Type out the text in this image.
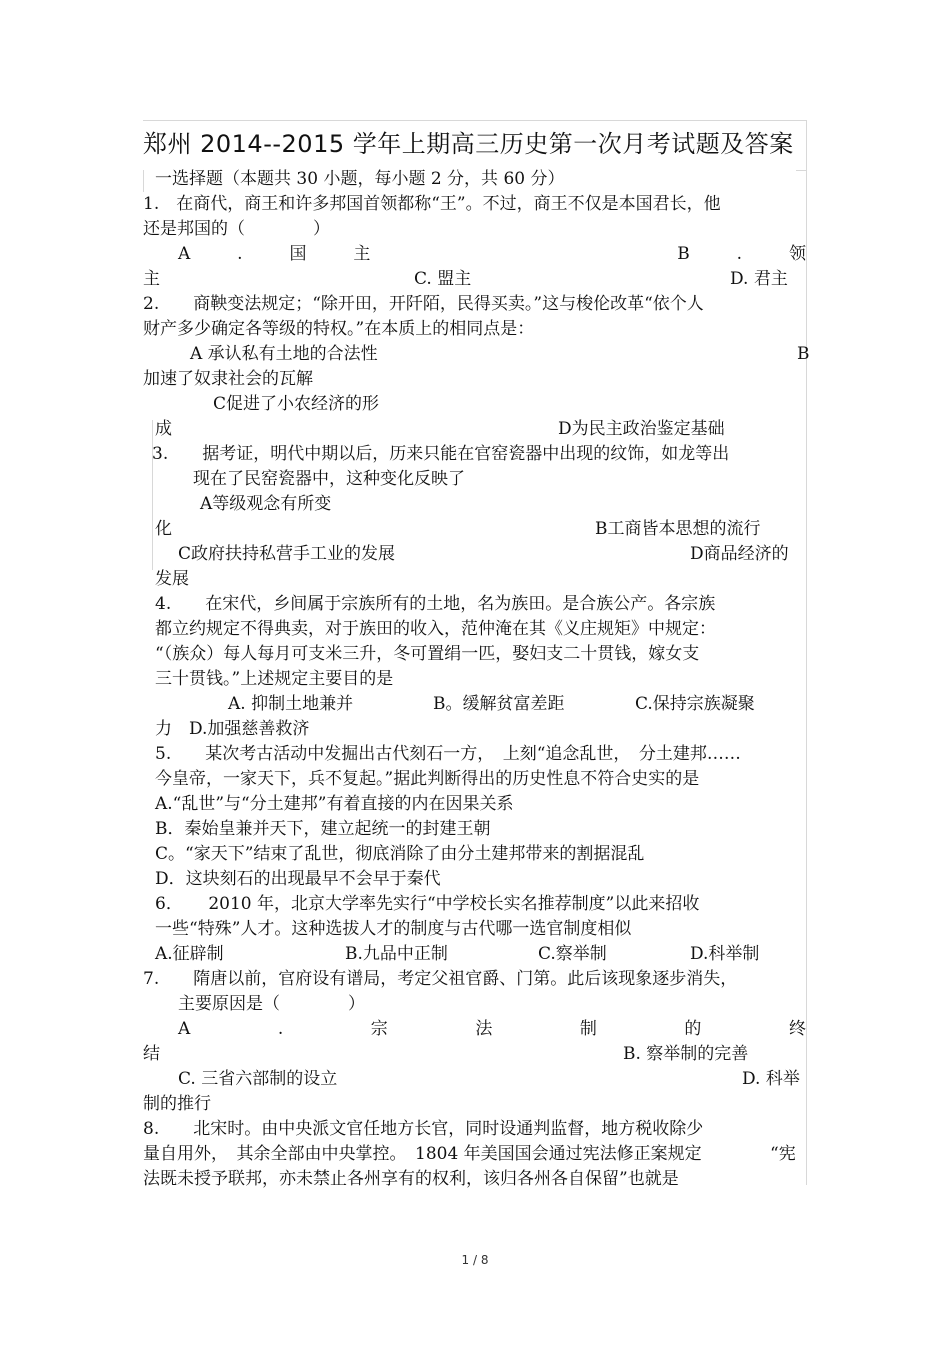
郑州 2014--2015 学年上期高三历史第一次月考试题及答案
一选择题（本题共 30 小题，每小题 2 分，共 60 分）
1.　在商代，商王和许多邦国首领都称“王”。不过，商王不仅是本国君长，他
还是邦国的（　　　　）
A	.	国	主	B	.	领
主	C. 盟主	D. 君主
2.　　商鞅变法规定；“除开田，开阡陌，民得买卖。”这与梭伦改革“依个人
财产多少确定各等级的特权。”在本质上的相同点是：
A 承认私有土地的合法性	B
加速了奴隶社会的瓦解
C促进了小农经济的形
成	D为民主政治鉴定基础
3.　　据考证，明代中期以后，历来只能在官窑瓷器中出现的纹饰，如龙等出
现在了民窑瓷器中，这种变化反映了
A等级观念有所变
化	B工商皆本思想的流行
C政府扶持私营手工业的发展	D商品经济的
发展
4.　　在宋代，乡间属于宗族所有的土地，名为族田。是合族公产。各宗族
都立约规定不得典卖，对于族田的收入，范仲淹在其《义庄规矩》中规定：
“（族众）每人每月可支米三升，冬可置绢一匹，娶妇支二十贯钱，嫁女支
三十贯钱。”上述规定主要目的是
A. 抑制土地兼并	B。缓解贫富差距	C.保持宗族凝聚
力　D.加强慈善救济
5.　　某次考古活动中发掘出古代刻石一方，　上刻“追念乱世，　分土建邦……
今皇帝，一家天下，兵不复起。”据此判断得出的历史性息不符合史实的是
A.“乱世”与“分土建邦”有着直接的内在因果关系
B．秦始皇兼并天下，建立起统一的封建王朝
C。“家天下”结束了乱世，彻底消除了由分土建邦带来的割据混乱
D．这块刻石的出现最早不会早于秦代
6．　　2010 年，北京大学率先实行“中学校长实名推荐制度”以此来招收
一些“特殊”人才。这种选拔人才的制度与古代哪一选官制度相似
A.征辟制	B.九品中正制	C.察举制	D.科举制
7.　　隋唐以前，官府设有谱局，考定父祖官爵、门第。此后该现象逐步消失，
主要原因是（　　　　）
A	.	宗	法	制	的	终
结	B. 察举制的完善
C. 三省六部制的设立	D. 科举
制的推行
8.　　北宋时。由中央派文官任地方长官，同时设通判监督，地方税收除少
量自用外，　其余全部由中央掌控。　1804 年美国国会通过宪法修正案规定	“宪
法既未授予联邦，亦未禁止各州享有的权利，该归各州各自保留”也就是
1 / 8
